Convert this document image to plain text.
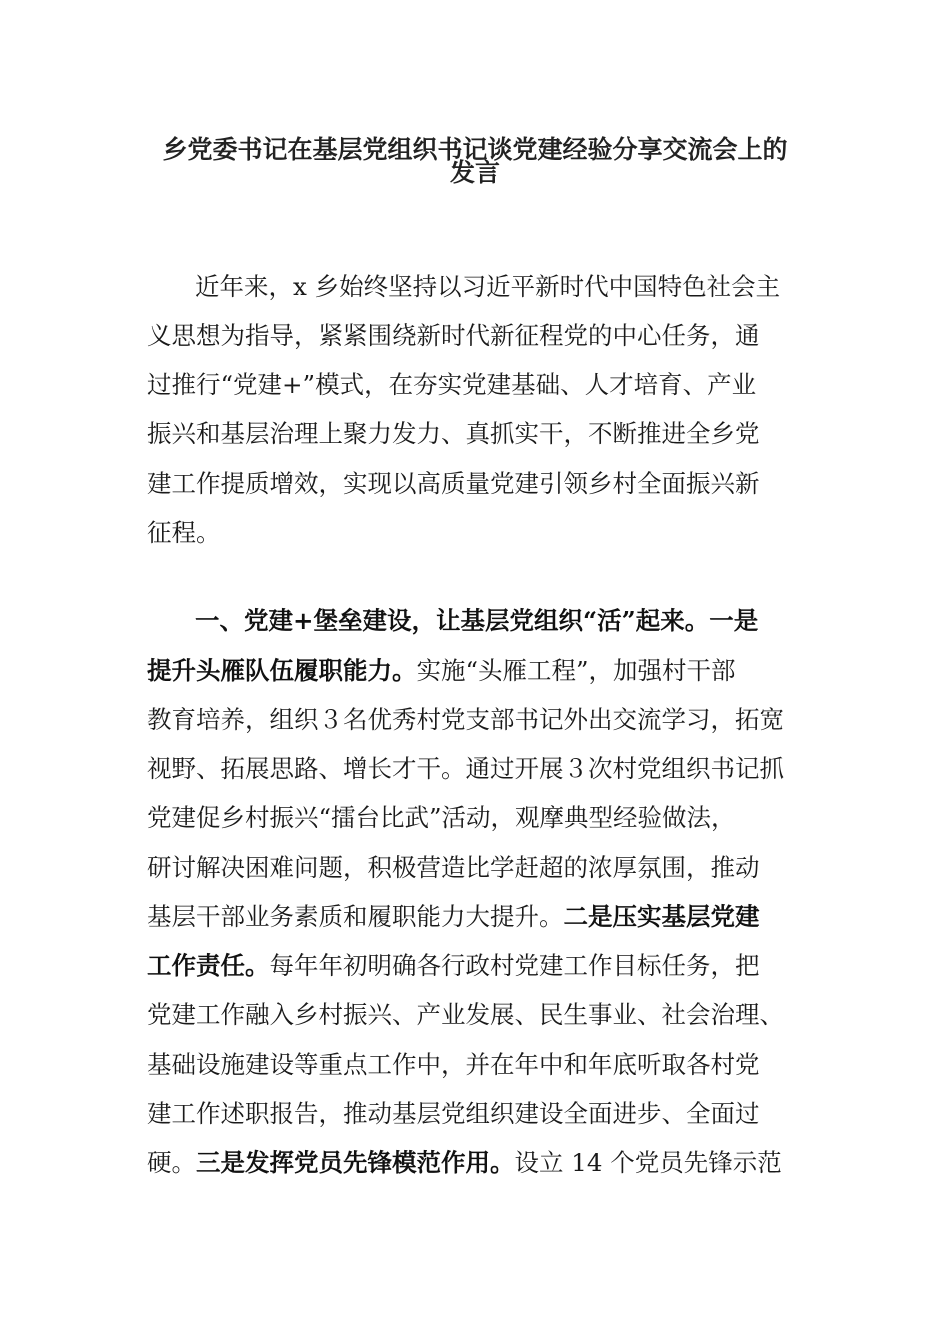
乡党委书记在基层党组织书记谈党建经验分享交流会上的
发言
近年来，x 乡始终坚持以习近平新时代中国特色社会主
义思想为指导，紧紧围绕新时代新征程党的中心任务，通
过推行“党建+”模式，在夯实党建基础、人才培育、产业
振兴和基层治理上聚力发力、真抓实干，不断推进全乡党
建工作提质增效，实现以高质量党建引领乡村全面振兴新
征程。
一、党建+堡垒建设，让基层党组织“活”起来。一是
提升头雁队伍履职能力。实施“头雁工程”，加强村干部
教育培养，组织３名优秀村党支部书记外出交流学习，拓宽
视野、拓展思路、增长才干。通过开展３次村党组织书记抓
党建促乡村振兴“擂台比武”活动，观摩典型经验做法，
研讨解决困难问题，积极营造比学赶超的浓厚氛围，推动
基层干部业务素质和履职能力大提升。二是压实基层党建
工作责任。每年年初明确各行政村党建工作目标任务，把
党建工作融入乡村振兴、产业发展、民生事业、社会治理、
基础设施建设等重点工作中，并在年中和年底听取各村党
建工作述职报告，推动基层党组织建设全面进步、全面过
硬。三是发挥党员先锋模范作用。设立 14 个党员先锋示范
